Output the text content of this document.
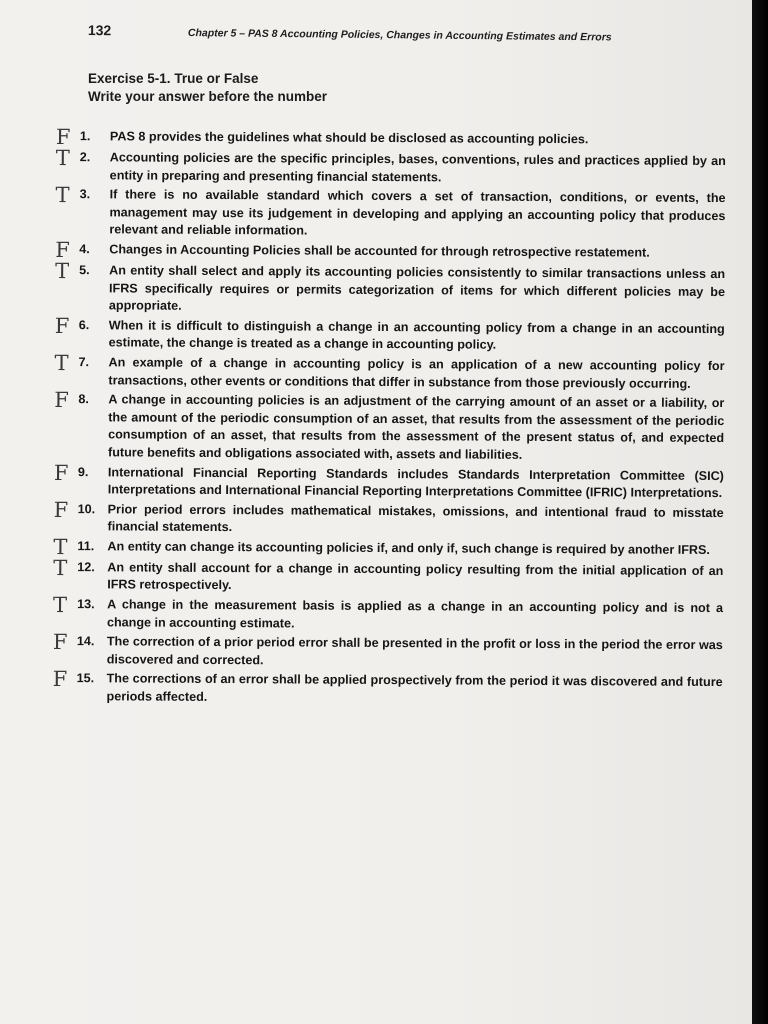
132	Chapter 5 – PAS 8 Accounting Policies, Changes in Accounting Estimates and Errors
Exercise 5-1. True or False
Write your answer before the number
F 1.	PAS 8 provides the guidelines what should be disclosed as accounting policies.
T 2.	Accounting policies are the specific principles, bases, conventions, rules and practices applied by an entity in preparing and presenting financial statements.
T 3.	If there is no available standard which covers a set of transaction, conditions, or events, the management may use its judgement in developing and applying an accounting policy that produces relevant and reliable information.
F 4.	Changes in Accounting Policies shall be accounted for through retrospective restatement.
T 5.	An entity shall select and apply its accounting policies consistently to similar transactions unless an IFRS specifically requires or permits categorization of items for which different policies may be appropriate.
F 6.	When it is difficult to distinguish a change in an accounting policy from a change in an accounting estimate, the change is treated as a change in accounting policy.
T 7.	An example of a change in accounting policy is an application of a new accounting policy for transactions, other events or conditions that differ in substance from those previously occurring.
F 8.	A change in accounting policies is an adjustment of the carrying amount of an asset or a liability, or the amount of the periodic consumption of an asset, that results from the assessment of the periodic consumption of an asset, that results from the assessment of the present status of, and expected future benefits and obligations associated with, assets and liabilities.
F 9.	International Financial Reporting Standards includes Standards Interpretation Committee (SIC) Interpretations and International Financial Reporting Interpretations Committee (IFRIC) Interpretations.
F 10. Prior period errors includes mathematical mistakes, omissions, and intentional fraud to misstate financial statements.
T 11.	An entity can change its accounting policies if, and only if, such change is required by another IFRS.
T 12. An entity shall account for a change in accounting policy resulting from the initial application of an IFRS retrospectively.
T 13. A change in the measurement basis is applied as a change in an accounting policy and is not a change in accounting estimate.
F 14. The correction of a prior period error shall be presented in the profit or loss in the period the error was discovered and corrected.
F 15. The corrections of an error shall be applied prospectively from the period it was discovered and future periods affected.
